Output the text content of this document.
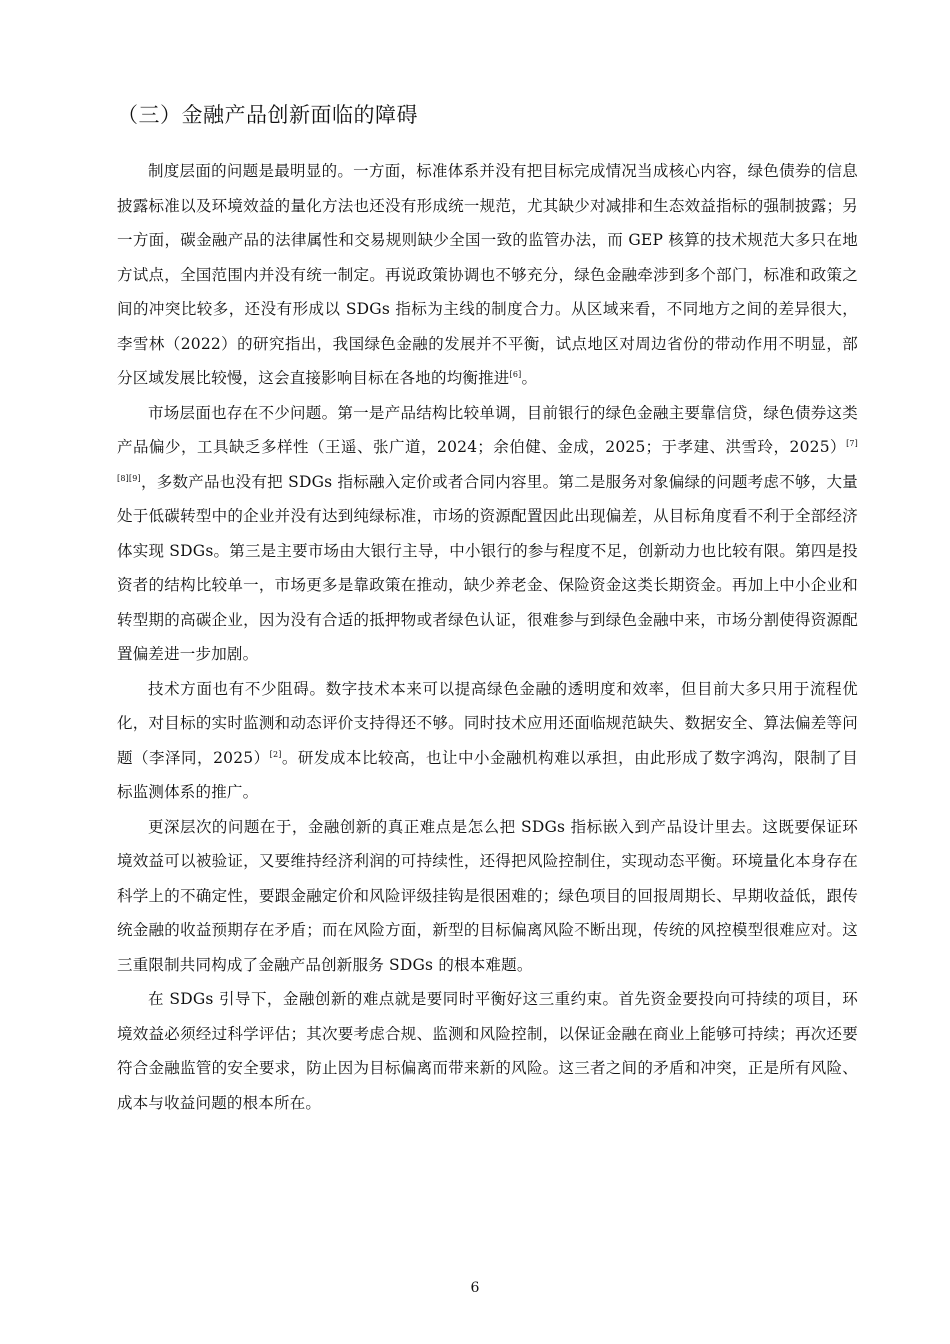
（三）金融产品创新面临的障碍

制度层面的问题是最明显的。一方面，标准体系并没有把目标完成情况当成核心内容，绿色债券的信息披露标准以及环境效益的量化方法也还没有形成统一规范，尤其缺少对减排和生态效益指标的强制披露；另一方面，碳金融产品的法律属性和交易规则缺少全国一致的监管办法，而 GEP 核算的技术规范大多只在地方试点，全国范围内并没有统一制定。再说政策协调也不够充分，绿色金融牵涉到多个部门，标准和政策之间的冲突比较多，还没有形成以 SDGs 指标为主线的制度合力。从区域来看，不同地方之间的差异很大，李雪林（2022）的研究指出，我国绿色金融的发展并不平衡，试点地区对周边省份的带动作用不明显，部分区域发展比较慢，这会直接影响目标在各地的均衡推进[6]。

市场层面也存在不少问题。第一是产品结构比较单调，目前银行的绿色金融主要靠信贷，绿色债券这类产品偏少，工具缺乏多样性（王遥、张广道，2024；余伯健、金成，2025；于孝建、洪雪玲，2025）[7][8][9]，多数产品也没有把 SDGs 指标融入定价或者合同内容里。第二是服务对象偏绿的问题考虑不够，大量处于低碳转型中的企业并没有达到纯绿标准，市场的资源配置因此出现偏差，从目标角度看不利于全部经济体实现 SDGs。第三是主要市场由大银行主导，中小银行的参与程度不足，创新动力也比较有限。第四是投资者的结构比较单一，市场更多是靠政策在推动，缺少养老金、保险资金这类长期资金。再加上中小企业和转型期的高碳企业，因为没有合适的抵押物或者绿色认证，很难参与到绿色金融中来，市场分割使得资源配置偏差进一步加剧。

技术方面也有不少阻碍。数字技术本来可以提高绿色金融的透明度和效率，但目前大多只用于流程优化，对目标的实时监测和动态评价支持得还不够。同时技术应用还面临规范缺失、数据安全、算法偏差等问题（李泽同，2025）[2]。研发成本比较高，也让中小金融机构难以承担，由此形成了数字鸿沟，限制了目标监测体系的推广。

更深层次的问题在于，金融创新的真正难点是怎么把 SDGs 指标嵌入到产品设计里去。这既要保证环境效益可以被验证，又要维持经济利润的可持续性，还得把风险控制住，实现动态平衡。环境量化本身存在科学上的不确定性，要跟金融定价和风险评级挂钩是很困难的；绿色项目的回报周期长、早期收益低，跟传统金融的收益预期存在矛盾；而在风险方面，新型的目标偏离风险不断出现，传统的风控模型很难应对。这三重限制共同构成了金融产品创新服务 SDGs 的根本难题。

在 SDGs 引导下，金融创新的难点就是要同时平衡好这三重约束。首先资金要投向可持续的项目，环境效益必须经过科学评估；其次要考虑合规、监测和风险控制，以保证金融在商业上能够可持续；再次还要符合金融监管的安全要求，防止因为目标偏离而带来新的风险。这三者之间的矛盾和冲突，正是所有风险、成本与收益问题的根本所在。

6
